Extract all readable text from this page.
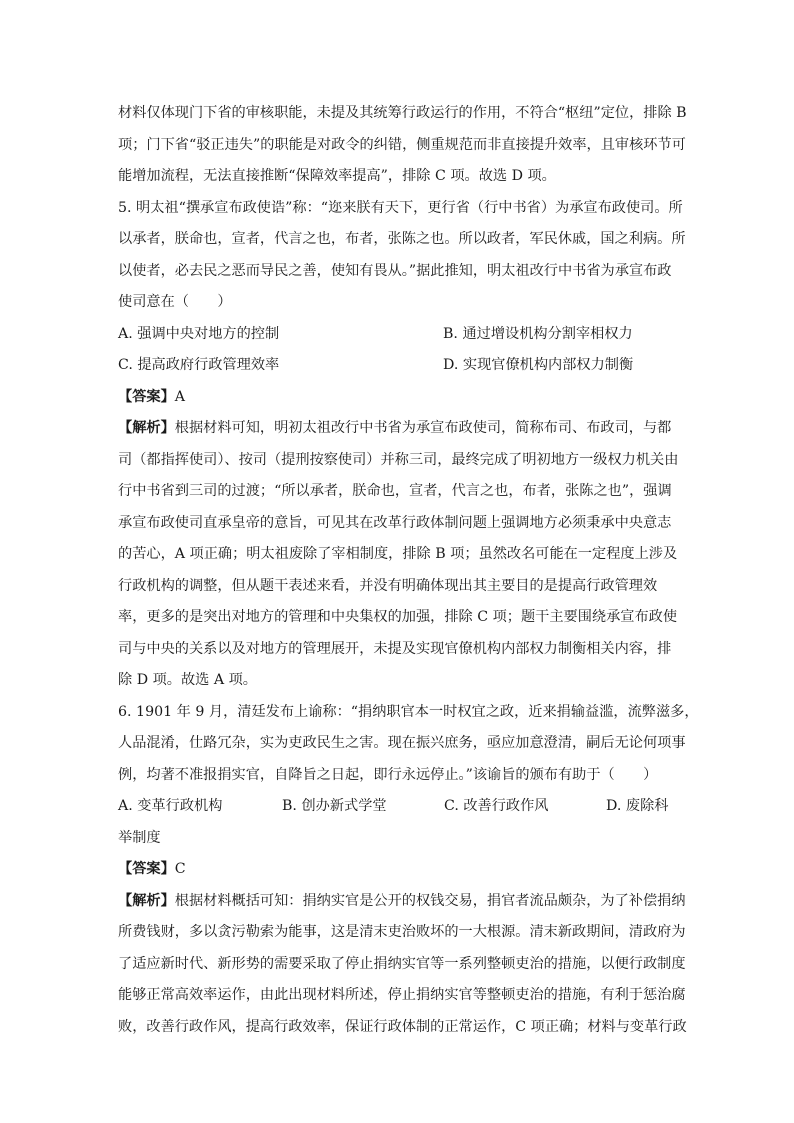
材料仅体现门下省的审核职能，未提及其统筹行政运行的作用，不符合“枢纽”定位，排除 B
项；门下省“驳正违失”的职能是对政令的纠错，侧重规范而非直接提升效率，且审核环节可
能增加流程，无法直接推断“保障效率提高”，排除 C 项。故选 D 项。
5. 明太祖“撰承宣布政使诰”称：“迩来朕有天下，更行省（行中书省）为承宣布政使司。所
以承者，朕命也，宣者，代言之也，布者，张陈之也。所以政者，军民休戚，国之利病。所
以使者，必去民之恶而导民之善，使知有畏从。”据此推知，明太祖改行中书省为承宣布政
使司意在（　　）
A. 强调中央对地方的控制	B. 通过增设机构分割宰相权力
C. 提高政府行政管理效率	D. 实现官僚机构内部权力制衡
【答案】A
【解析】根据材料可知，明初太祖改行中书省为承宣布政使司，简称布司、布政司，与都
司（都指挥使司）、按司（提刑按察使司）并称三司，最终完成了明初地方一级权力机关由
行中书省到三司的过渡；“所以承者，朕命也，宣者，代言之也，布者，张陈之也”，强调
承宣布政使司直承皇帝的意旨，可见其在改革行政体制问题上强调地方必须秉承中央意志
的苦心，A 项正确；明太祖废除了宰相制度，排除 B 项；虽然改名可能在一定程度上涉及
行政机构的调整，但从题干表述来看，并没有明确体现出其主要目的是提高行政管理效
率，更多的是突出对地方的管理和中央集权的加强，排除 C 项；题干主要围绕承宣布政使
司与中央的关系以及对地方的管理展开，未提及实现官僚机构内部权力制衡相关内容，排
除 D 项。故选 A 项。
6. 1901 年 9 月，清廷发布上谕称：“捐纳职官本一时权宜之政，近来捐输益滥，流弊滋多，
人品混淆，仕路冗杂，实为吏政民生之害。现在振兴庶务，亟应加意澄清，嗣后无论何项事
例，均著不准报捐实官，自降旨之日起，即行永远停止。”该谕旨的颁布有助于（　　）
A. 变革行政机构	B. 创办新式学堂	C. 改善行政作风	D. 废除科
举制度
【答案】C
【解析】根据材料概括可知：捐纳实官是公开的权钱交易，捐官者流品颇杂，为了补偿捐纳
所费钱财，多以贪污勒索为能事，这是清末吏治败坏的一大根源。清末新政期间，清政府为
了适应新时代、新形势的需要采取了停止捐纳实官等一系列整顿吏治的措施，以便行政制度
能够正常高效率运作，由此出现材料所述，停止捐纳实官等整顿吏治的措施，有利于惩治腐
败，改善行政作风，提高行政效率，保证行政体制的正常运作，C 项正确；材料与变革行政
